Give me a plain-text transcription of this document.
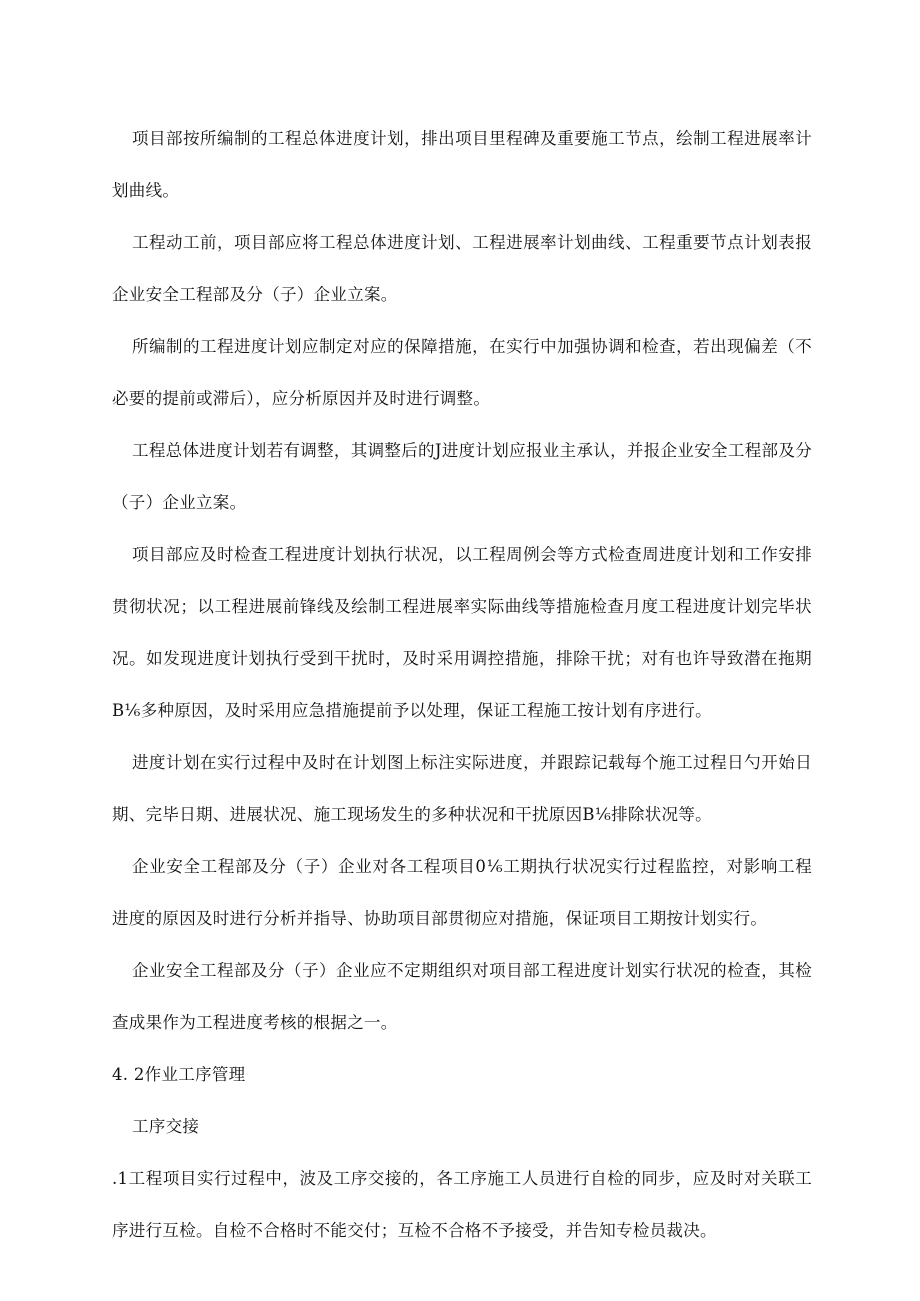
项目部按所编制的工程总体进度计划，排出项目里程碑及重要施工节点，绘制工程进展率计划曲线。

工程动工前，项目部应将工程总体进度计划、工程进展率计划曲线、工程重要节点计划表报企业安全工程部及分（子）企业立案。

所编制的工程进度计划应制定对应的保障措施，在实行中加强协调和检查，若出现偏差（不必要的提前或滞后），应分析原因并及时进行调整。

工程总体进度计划若有调整，其调整后的J进度计划应报业主承认，并报企业安全工程部及分（子）企业立案。

项目部应及时检查工程进度计划执行状况，以工程周例会等方式检查周进度计划和工作安排贯彻状况；以工程进展前锋线及绘制工程进展率实际曲线等措施检查月度工程进度计划完毕状况。如发现进度计划执行受到干扰时，及时采用调控措施，排除干扰；对有也许导致潜在拖期B⅙多种原因，及时采用应急措施提前予以处理，保证工程施工按计划有序进行。

进度计划在实行过程中及时在计划图上标注实际进度，并跟踪记载每个施工过程日勺开始日期、完毕日期、进展状况、施工现场发生的多种状况和干扰原因B⅙排除状况等。

企业安全工程部及分（子）企业对各工程项目0⅙工期执行状况实行过程监控，对影响工程进度的原因及时进行分析并指导、协助项目部贯彻应对措施，保证项目工期按计划实行。

企业安全工程部及分（子）企业应不定期组织对项目部工程进度计划实行状况的检查，其检查成果作为工程进度考核的根据之一。

4. 2作业工序管理

工序交接

.1工程项目实行过程中，波及工序交接的，各工序施工人员进行自检的同步，应及时对关联工序进行互检。自检不合格时不能交付；互检不合格不予接受，并告知专检员裁决。
